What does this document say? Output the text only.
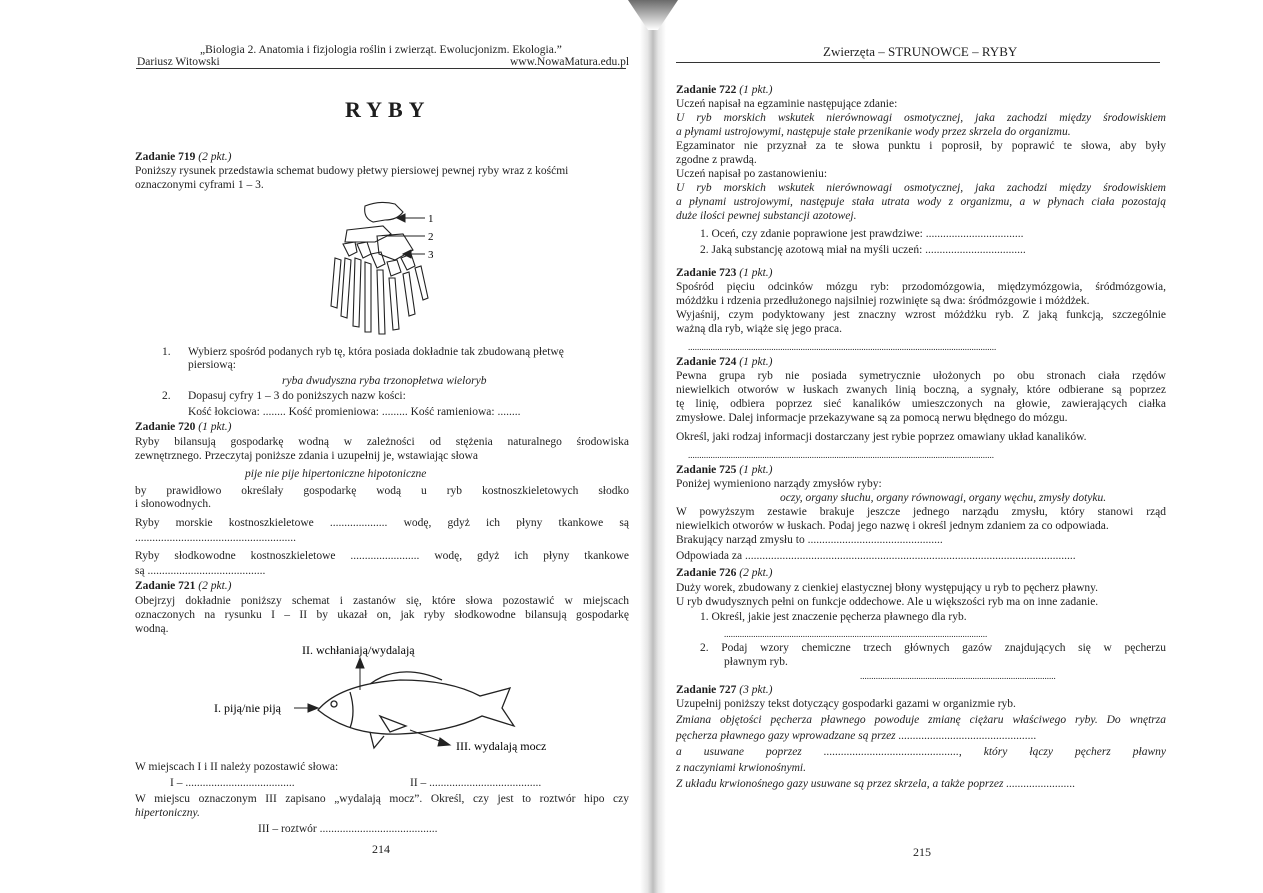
„Biologia 2. Anatomia i fizjologia roślin i zwierząt. Ewolucjonizm. Ekologia.”

Dariusz Witowski	www.NowaMatura.edu.pl

RYBY

Zadanie 719 (2 pkt.)

Poniższy rysunek przedstawia schemat budowy płetwy piersiowej pewnej ryby wraz z kośćmi

oznaczonymi cyframi 1 – 3.

1
2
3

1. Wybierz spośród podanych ryb tę, która posiada dokładnie tak zbudowaną płetwę

piersiową:

ryba dwudyszna ryba trzonopłetwa wieloryb

2. Dopasuj cyfry 1 – 3 do poniższych nazw kości:

Kość łokciowa: ........ Kość promieniowa: ......... Kość ramieniowa: ........

Zadanie 720 (1 pkt.)

Ryby bilansują gospodarkę wodną w zależności od stężenia naturalnego środowiska

zewnętrznego. Przeczytaj poniższe zdania i uzupełnij je, wstawiając słowa

pije nie pije hipertoniczne hipotoniczne

by prawidłowo określały gospodarkę wodą u ryb kostnoszkieletowych słodko

i słonowodnych.

Ryby morskie kostnoszkieletowe .................... wodę, gdyż ich płyny tkankowe są

........................................................

Ryby słodkowodne kostnoszkieletowe ........................ wodę, gdyż ich płyny tkankowe

są .........................................

Zadanie 721 (2 pkt.)

Obejrzyj dokładnie poniższy schemat i zastanów się, które słowa pozostawić w miejscach

oznaczonych na rysunku I – II by ukazał on, jak ryby słodkowodne bilansują gospodarkę

wodną.

II. wchłaniają/wydalają
I. piją/nie piją
III. wydalają mocz

W miejscach I i II należy pozostawić słowa:

I – ......................................	II – .......................................

W miejscu oznaczonym III zapisano „wydalają mocz”. Określ, czy jest to roztwór hipo czy

hipertoniczny.

III – roztwór .........................................

214

Zwierzęta – STRUNOWCE – RYBY

Zadanie 722 (1 pkt.)

Uczeń napisał na egzaminie następujące zdanie:

U ryb morskich wskutek nierównowagi osmotycznej, jaka zachodzi między środowiskiem

a płynami ustrojowymi, następuje stałe przenikanie wody przez skrzela do organizmu.

Egzaminator nie przyznał za te słowa punktu i poprosił, by poprawić te słowa, aby były

zgodne z prawdą.

Uczeń napisał po zastanowieniu:

U ryb morskich wskutek nierównowagi osmotycznej, jaka zachodzi między środowiskiem

a płynami ustrojowymi, następuje stała utrata wody z organizmu, a w płynach ciała pozostają

duże ilości pewnej substancji azotowej.

1. Oceń, czy zdanie poprawione jest prawdziwe: ..................................

2. Jaką substancję azotową miał na myśli uczeń: ...................................

Zadanie 723 (1 pkt.)

Spośród pięciu odcinków mózgu ryb: przodomózgowia, międzymózgowia, śródmózgowia,

móżdżku i rdzenia przedłużonego najsilniej rozwinięte są dwa: śródmózgowie i móżdżek.

Wyjaśnij, czym podyktowany jest znaczny wzrost móżdżku ryb. Z jaką funkcją, szczególnie

ważną dla ryb, wiąże się jego praca.

.........................................................................................................................................

Zadanie 724 (1 pkt.)

Pewna grupa ryb nie posiada symetrycznie ułożonych po obu stronach ciała rzędów

niewielkich otworów w łuskach zwanych linią boczną, a sygnały, które odbierane są poprzez

tę linię, odbiera poprzez sieć kanalików umieszczonych na głowie, zawierających ciałka

zmysłowe. Dalej informacje przekazywane są za pomocą nerwu błędnego do mózgu.

Określ, jaki rodzaj informacji dostarczany jest rybie poprzez omawiany układ kanalików.

........................................................................................................................................

Zadanie 725 (1 pkt.)

Poniżej wymieniono narządy zmysłów ryby:

oczy, organy słuchu, organy równowagi, organy węchu, zmysły dotyku.

W powyższym zestawie brakuje jeszcze jednego narządu zmysłu, który stanowi rząd

niewielkich otworów w łuskach. Podaj jego nazwę i określ jednym zdaniem za co odpowiada.

Brakujący narząd zmysłu to ...............................................

Odpowiada za ...................................................................................................................

Zadanie 726 (2 pkt.)

Duży worek, zbudowany z cienkiej elastycznej błony występujący u ryb to pęcherz pławny.

U ryb dwudysznych pełni on funkcje oddechowe. Ale u większości ryb ma on inne zadanie.

1. Określ, jakie jest znaczenie pęcherza pławnego dla ryb.

.....................................................................................................................

2. Podaj wzory chemiczne trzech głównych gazów znajdujących się w pęcherzu

pławnym ryb.

.......................................................................................

Zadanie 727 (3 pkt.)

Uzupełnij poniższy tekst dotyczący gospodarki gazami w organizmie ryb.

Zmiana objętości pęcherza pławnego powoduje zmianę ciężaru właściwego ryby. Do wnętrza

pęcherza pławnego gazy wprowadzane są przez ................................................

a usuwane poprzez ..............................................., który łączy pęcherz pławny

z naczyniami krwionośnymi.

Z układu krwionośnego gazy usuwane są przez skrzela, a także poprzez ........................

215
